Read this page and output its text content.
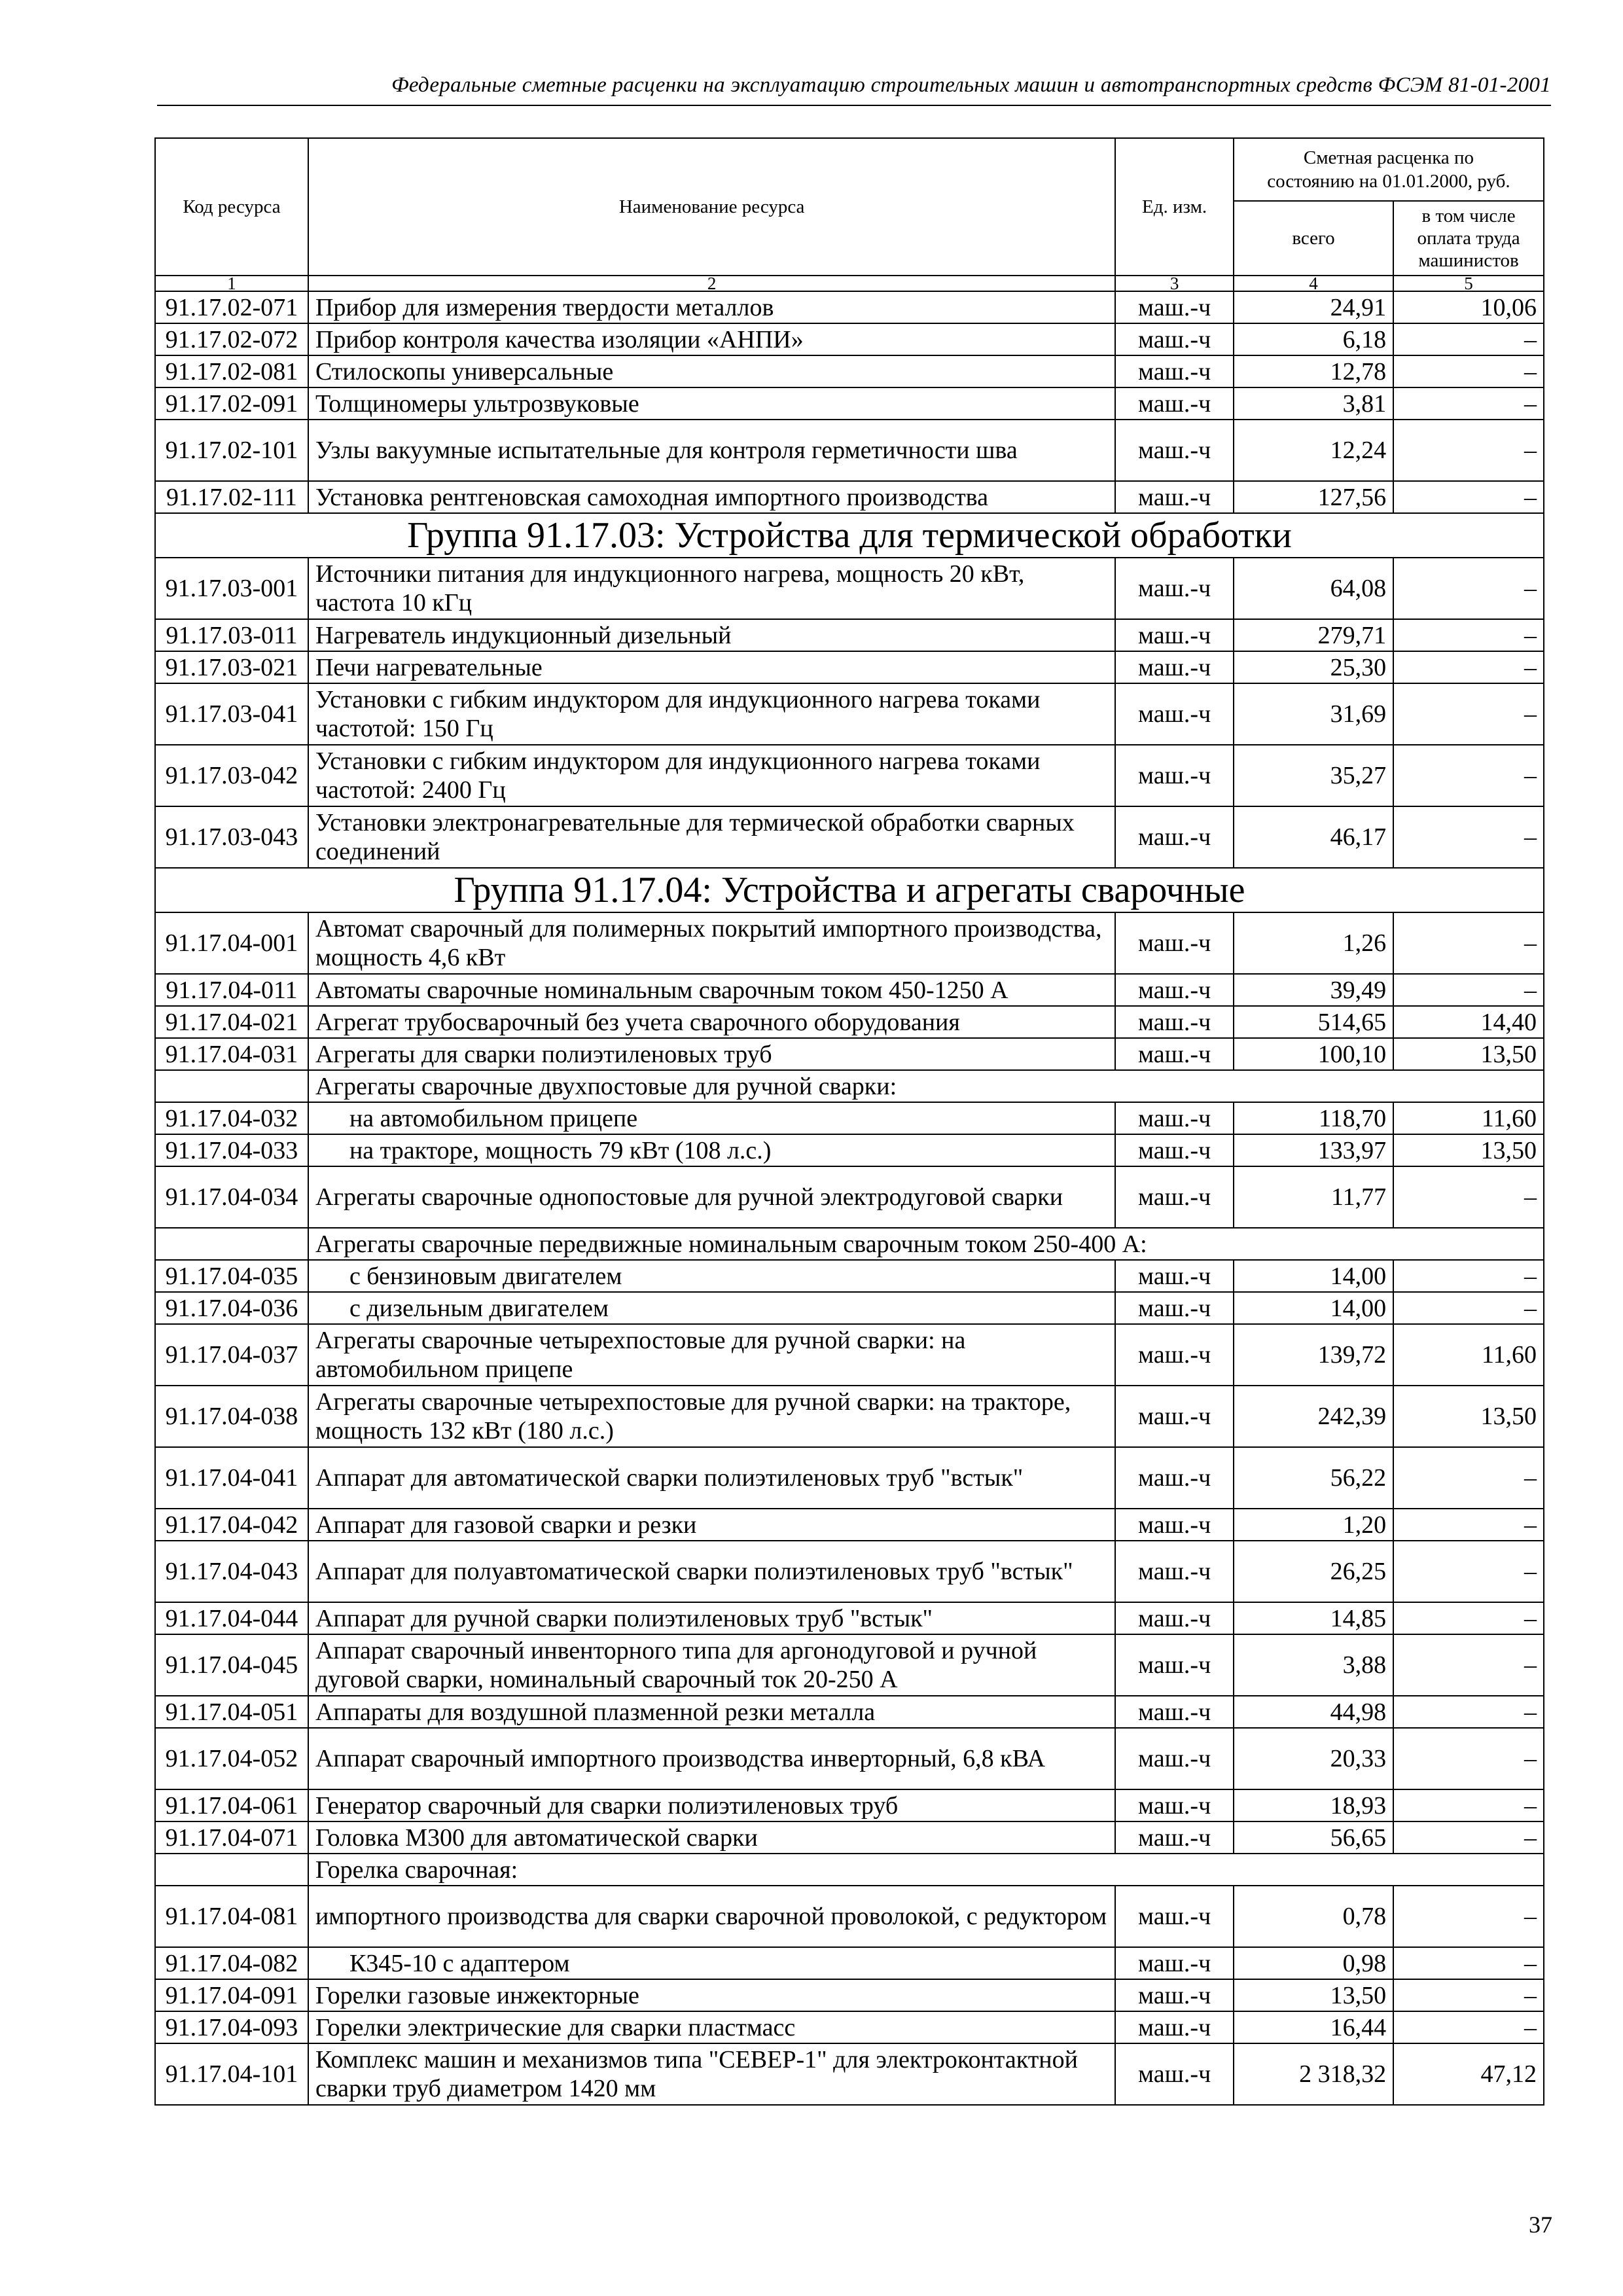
Федеральные сметные расценки на эксплуатацию строительных машин и автотранспортных средств ФСЭМ 81-01-2001
Код ресурса	Наименование ресурса	Ед. изм.	Сметная расценка по состоянию на 01.01.2000, руб.	
			всего	в том числе оплата труда машинистов
1	2	3	4	5
91.17.02-071	Прибор для измерения твердости металлов	маш.-ч	24,91	10,06
91.17.02-072	Прибор контроля качества изоляции «АНПИ»	маш.-ч	6,18	–
91.17.02-081	Стилоскопы универсальные	маш.-ч	12,78	–
91.17.02-091	Толщиномеры ультрозвуковые	маш.-ч	3,81	–
91.17.02-101	Узлы вакуумные испытательные для контроля герметичности шва	маш.-ч	12,24	–
91.17.02-111	Установка рентгеновская самоходная импортного производства	маш.-ч	127,56	–
Группа 91.17.03: Устройства для термической обработки				
91.17.03-001	Источники питания для индукционного нагрева, мощность 20 кВт, частота 10 кГц	маш.-ч	64,08	–
91.17.03-011	Нагреватель индукционный дизельный	маш.-ч	279,71	–
91.17.03-021	Печи нагревательные	маш.-ч	25,30	–
91.17.03-041	Установки с гибким индуктором для индукционного нагрева токами частотой: 150 Гц	маш.-ч	31,69	–
91.17.03-042	Установки с гибким индуктором для индукционного нагрева токами частотой: 2400 Гц	маш.-ч	35,27	–
91.17.03-043	Установки электронагревательные для термической обработки сварных соединений	маш.-ч	46,17	–
Группа 91.17.04: Устройства и агрегаты сварочные				
91.17.04-001	Автомат сварочный для полимерных покрытий импортного производства, мощность 4,6 кВт	маш.-ч	1,26	–
91.17.04-011	Автоматы сварочные номинальным сварочным током 450-1250 А	маш.-ч	39,49	–
91.17.04-021	Агрегат трубосварочный без учета сварочного оборудования	маш.-ч	514,65	14,40
91.17.04-031	Агрегаты для сварки полиэтиленовых труб	маш.-ч	100,10	13,50
	Агрегаты сварочные двухпостовые для ручной сварки:			
91.17.04-032	на автомобильном прицепе	маш.-ч	118,70	11,60
91.17.04-033	на тракторе, мощность 79 кВт (108 л.с.)	маш.-ч	133,97	13,50
91.17.04-034	Агрегаты сварочные однопостовые для ручной электродуговой сварки	маш.-ч	11,77	–
	Агрегаты сварочные передвижные номинальным сварочным током 250-400 А:			
91.17.04-035	с бензиновым двигателем	маш.-ч	14,00	–
91.17.04-036	с дизельным двигателем	маш.-ч	14,00	–
91.17.04-037	Агрегаты сварочные четырехпостовые для ручной сварки: на автомобильном прицепе	маш.-ч	139,72	11,60
91.17.04-038	Агрегаты сварочные четырехпостовые для ручной сварки: на тракторе, мощность 132 кВт (180 л.с.)	маш.-ч	242,39	13,50
91.17.04-041	Аппарат для автоматической сварки полиэтиленовых труб "встык"	маш.-ч	56,22	–
91.17.04-042	Аппарат для газовой сварки и резки	маш.-ч	1,20	–
91.17.04-043	Аппарат для полуавтоматической сварки полиэтиленовых труб "встык"	маш.-ч	26,25	–
91.17.04-044	Аппарат для ручной сварки полиэтиленовых труб "встык"	маш.-ч	14,85	–
91.17.04-045	Аппарат сварочный инвенторного типа для аргонодуговой и ручной дуговой сварки, номинальный сварочный ток 20-250 А	маш.-ч	3,88	–
91.17.04-051	Аппараты для воздушной плазменной резки металла	маш.-ч	44,98	–
91.17.04-052	Аппарат сварочный импортного производства инверторный, 6,8 кВА	маш.-ч	20,33	–
91.17.04-061	Генератор сварочный для сварки полиэтиленовых труб	маш.-ч	18,93	–
91.17.04-071	Головка М300 для автоматической сварки	маш.-ч	56,65	–
	Горелка сварочная:			
91.17.04-081	импортного производства для сварки сварочной проволокой, с редуктором	маш.-ч	0,78	–
91.17.04-082	К345-10 с адаптером	маш.-ч	0,98	–
91.17.04-091	Горелки газовые инжекторные	маш.-ч	13,50	–
91.17.04-093	Горелки электрические для сварки пластмасс	маш.-ч	16,44	–
91.17.04-101	Комплекс машин и механизмов типа "СЕВЕР-1" для электроконтактной сварки труб диаметром 1420 мм	маш.-ч	2 318,32	47,12
37
